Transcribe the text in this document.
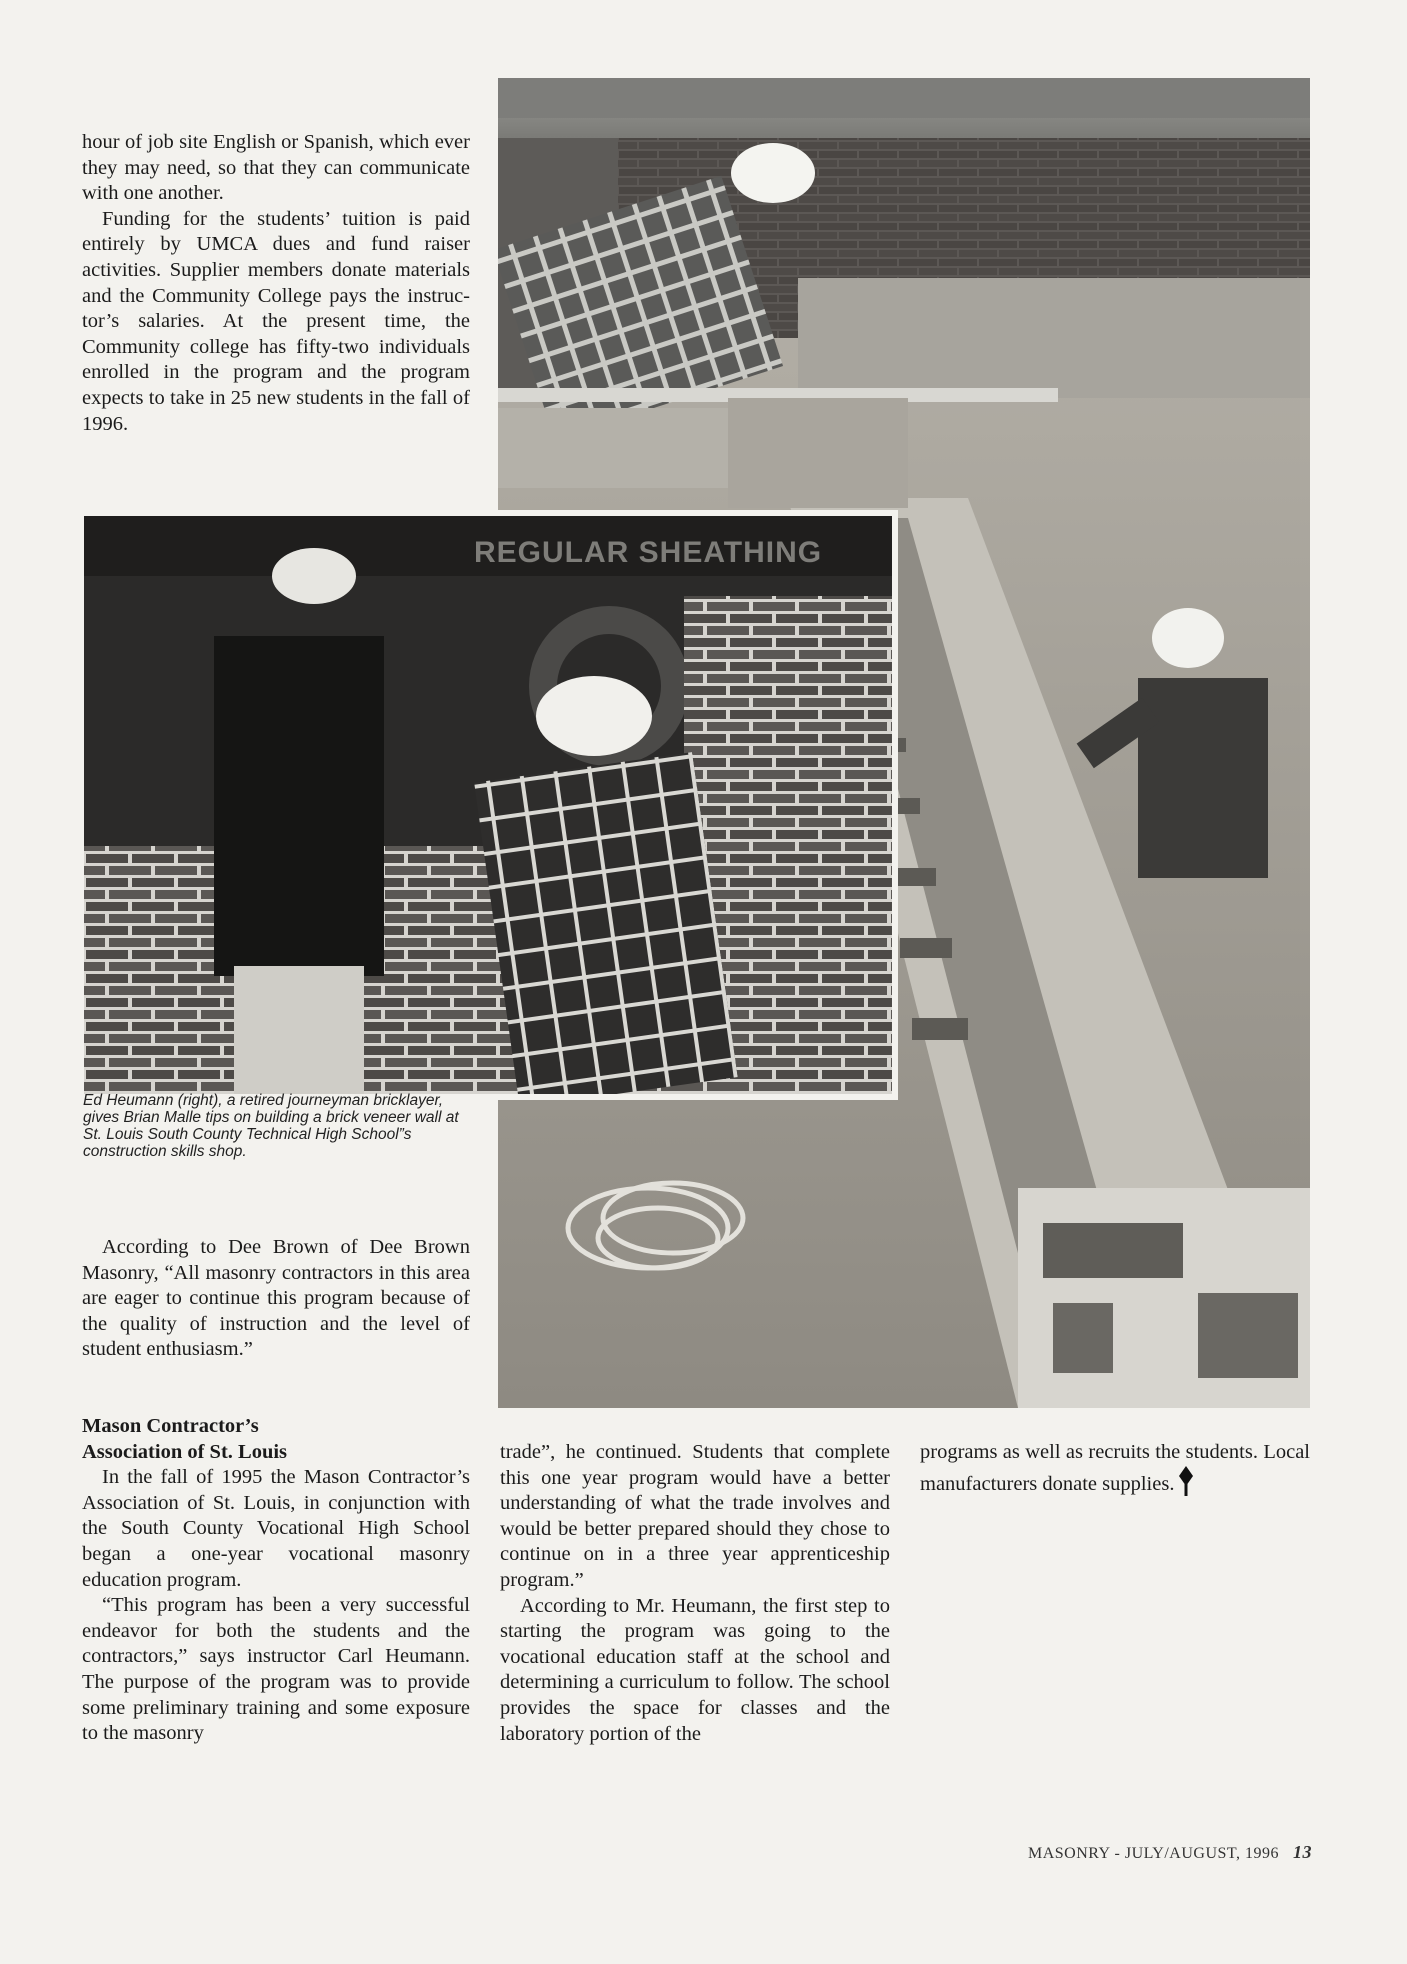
REGULAR SHEATHING

hour of job site English or Spanish, which ever they may need, so that they can communicate with one another.

Funding for the students’ tuition is paid entirely by UMCA dues and fund raiser activities. Supplier members donate materials and the Community College pays the instructor’s salaries. At the present time, the Community college has fifty-two individuals enrolled in the program and the program expects to take in 25 new students in the fall of 1996.

Ed Heumann (right), a retired journeyman bricklayer, gives Brian Malle tips on building a brick veneer wall at St. Louis South County Technical High School”s construction skills shop.

According to Dee Brown of Dee Brown Masonry, “All masonry contractors in this area are eager to continue this program because of the quality of instruction and the level of student enthusiasm.”

Mason Contractor’s
Association of St. Louis

In the fall of 1995 the Mason Contractor’s Association of St. Louis, in conjunction with the South County Vocational High School began a one-year vocational masonry education program.

“This program has been a very successful endeavor for both the students and the contractors,” says instructor Carl Heumann. The purpose of the program was to provide some preliminary training and some exposure to the masonry

trade”, he continued. Students that complete this one year program would have a better understanding of what the trade involves and would be better prepared should they chose to continue on in a three year apprenticeship program.”

According to Mr. Heumann, the first step to starting the program was going to the vocational education staff at the school and determining a curriculum to follow. The school provides the space for classes and the laboratory portion of the

programs as well as recruits the students. Local manufacturers donate supplies.

MASONRY - JULY/AUGUST, 1996 13
